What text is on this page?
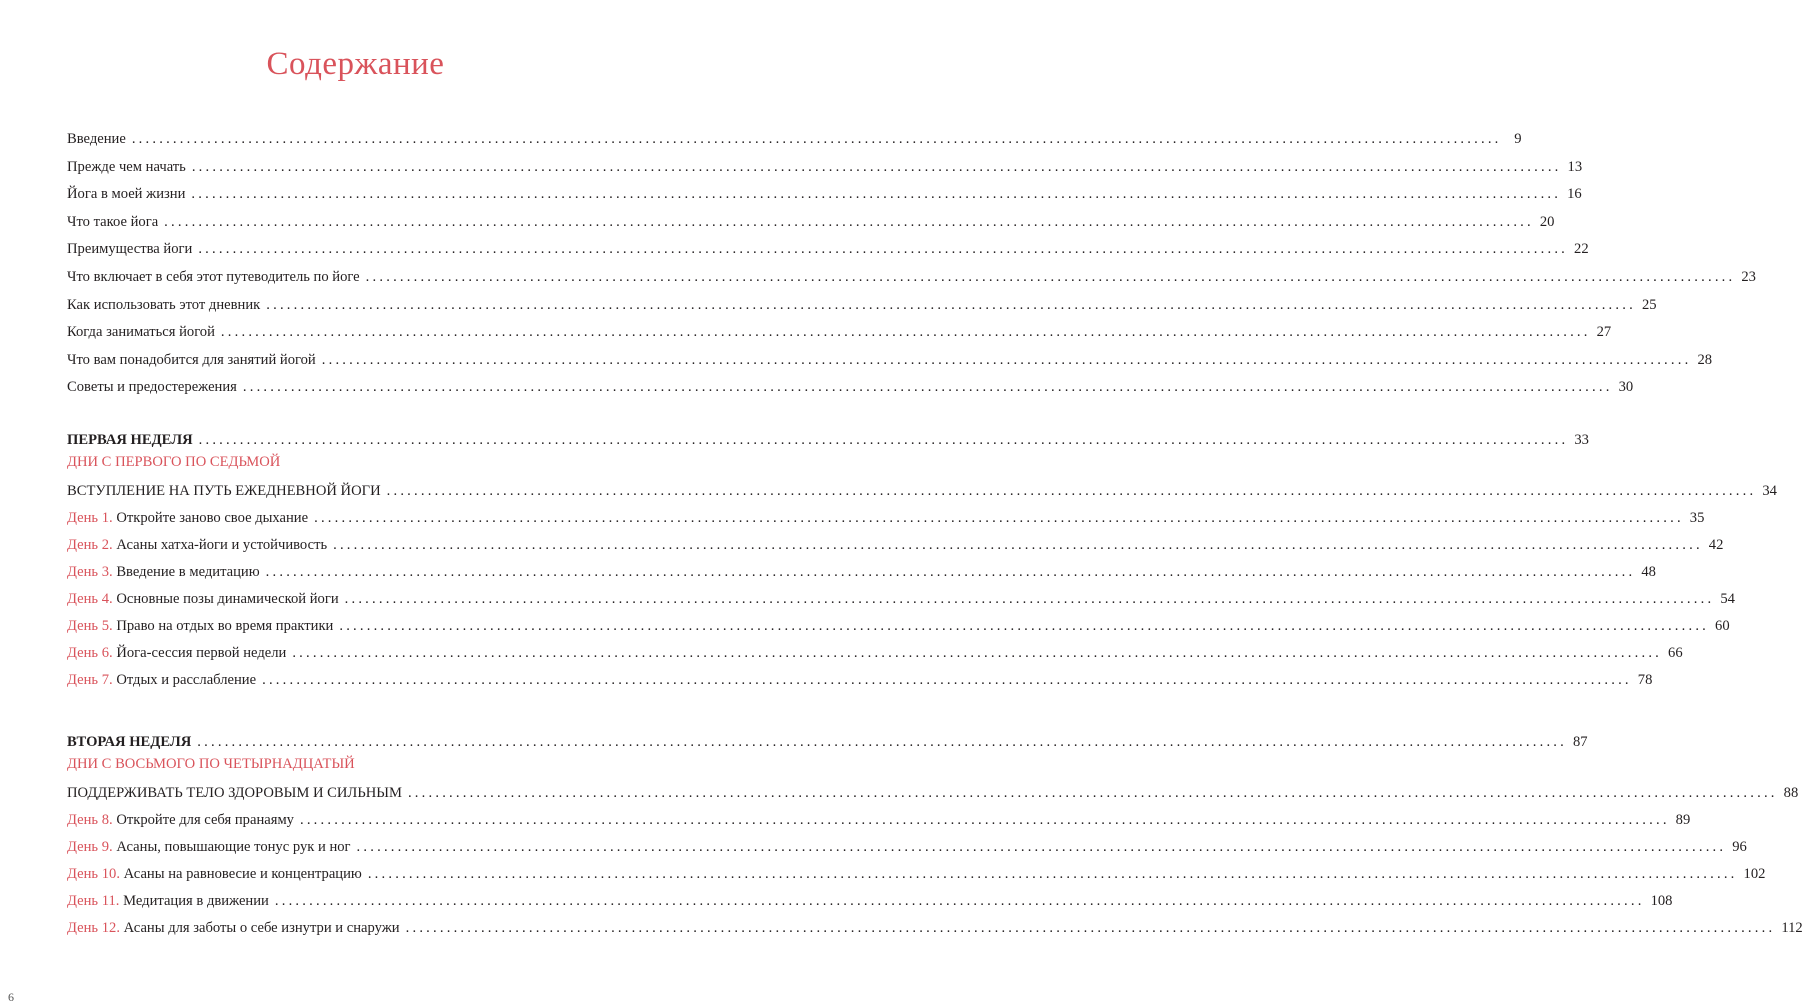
Содержание
Введение ........................................................................................................................................................................................................ 9
Прежде чем начать ........................................................................................................................................................................................................ 13
Йога в моей жизни ........................................................................................................................................................................................................ 16
Что такое йога ........................................................................................................................................................................................................ 20
Преимущества йоги ........................................................................................................................................................................................................ 22
Что включает в себя этот путеводитель по йоге ........................................................................................................................................................................................................ 23
Как использовать этот дневник ........................................................................................................................................................................................................ 25
Когда заниматься йогой ........................................................................................................................................................................................................ 27
Что вам понадобится для занятий йогой ........................................................................................................................................................................................................ 28
Советы и предостережения ........................................................................................................................................................................................................ 30
ПЕРВАЯ НЕДЕЛЯ ........................................................................................................................................................................................................ 33
ДНИ С ПЕРВОГО ПО СЕДЬМОЙ
ВСТУПЛЕНИЕ НА ПУТЬ ЕЖЕДНЕВНОЙ ЙОГИ ........................................................................................................................................................................................................ 34
День 1. Откройте заново свое дыхание ........................................................................................................................................................................................................ 35
День 2. Асаны хатха-йоги и устойчивость ........................................................................................................................................................................................................ 42
День 3. Введение в медитацию ........................................................................................................................................................................................................ 48
День 4. Основные позы динамической йоги ........................................................................................................................................................................................................ 54
День 5. Право на отдых во время практики ........................................................................................................................................................................................................ 60
День 6. Йога-сессия первой недели ........................................................................................................................................................................................................ 66
День 7. Отдых и расслабление ........................................................................................................................................................................................................ 78
ВТОРАЯ НЕДЕЛЯ ........................................................................................................................................................................................................ 87
ДНИ С ВОСЬМОГО ПО ЧЕТЫРНАДЦАТЫЙ
ПОДДЕРЖИВАТЬ ТЕЛО ЗДОРОВЫМ И СИЛЬНЫМ ........................................................................................................................................................................................................ 88
День 8. Откройте для себя пранаяму ........................................................................................................................................................................................................ 89
День 9. Асаны, повышающие тонус рук и ног ........................................................................................................................................................................................................ 96
День 10. Асаны на равновесие и концентрацию ........................................................................................................................................................................................................ 102
День 11. Медитация в движении ........................................................................................................................................................................................................ 108
День 12. Асаны для заботы о себе изнутри и снаружи ........................................................................................................................................................................................................ 112
6
